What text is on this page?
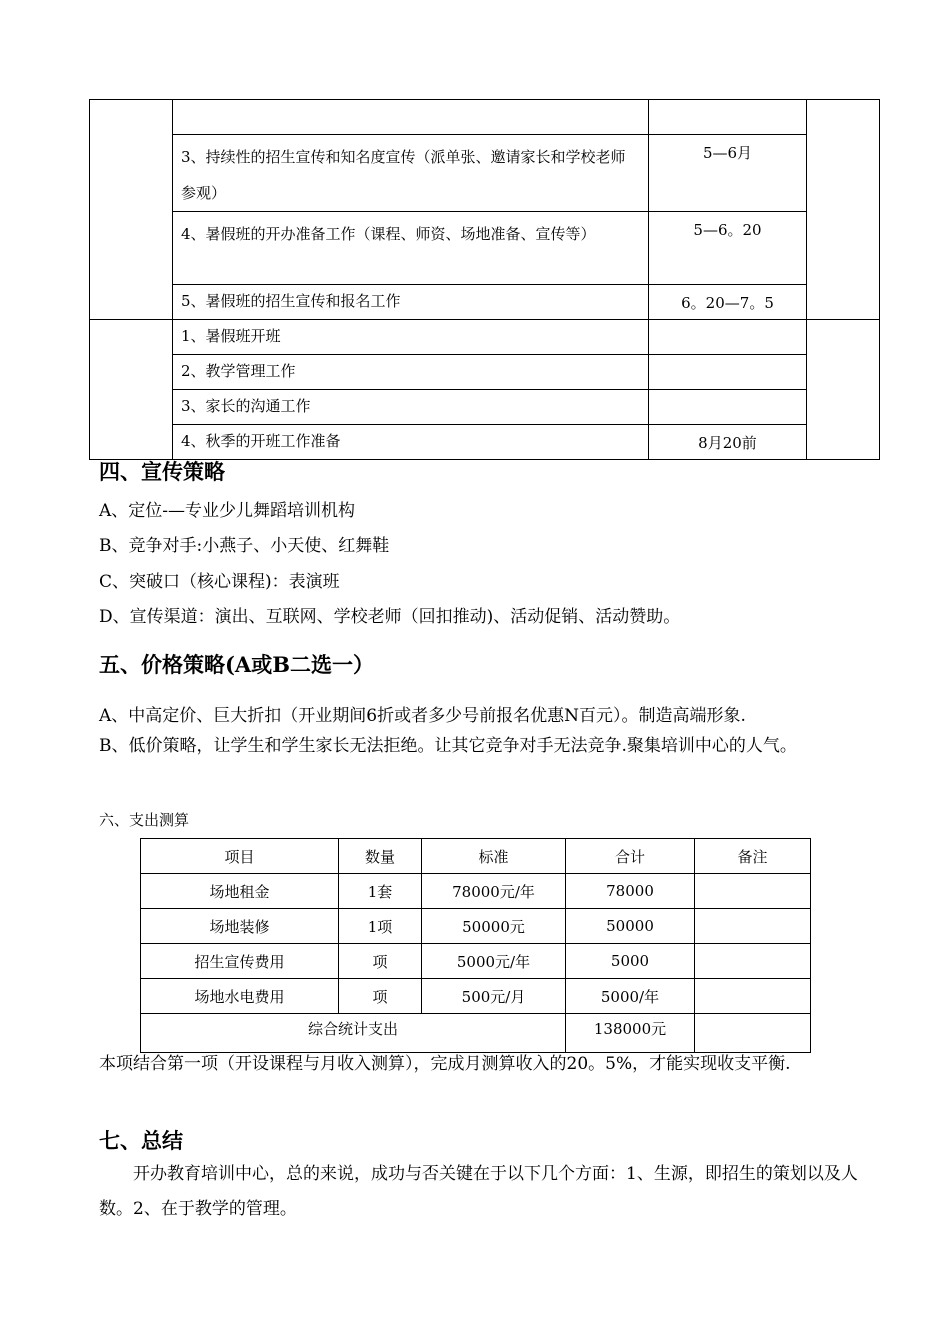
	3、持续性的招生宣传和知名度宣传（派单张、邀请家长和学校老师参观）	5—6月	
	4、暑假班的开办准备工作（课程、师资、场地准备、宣传等）	5—6。20	
	5、暑假班的招生宣传和报名工作	6。20—7。5	
	1、暑假班开班		
	2、教学管理工作		
	3、家长的沟通工作		
	4、秋季的开班工作准备	8月20前	
四、宣传策略
A、定位-—专业少儿舞蹈培训机构
B、竞争对手:小燕子、小天使、红舞鞋
C、突破口（核心课程)：表演班
D、宣传渠道：演出、互联网、学校老师（回扣推动)、活动促销、活动赞助。
五、价格策略(A或B二选一）
A、中高定价、巨大折扣（开业期间6折或者多少号前报名优惠N百元）。制造高端形象.
B、低价策略，让学生和学生家长无法拒绝。让其它竞争对手无法竞争.聚集培训中心的人气。
六、支出测算
项目	数量	标准	合计	备注
场地租金	1套	78000元/年	78000	
场地装修	1项	50000元	50000	
招生宣传费用	项	5000元/年	5000	
场地水电费用	项	500元/月	5000/年	
综合统计支出			138000元	
本项结合第一项（开设课程与月收入测算），完成月测算收入的20。5%，才能实现收支平衡.
七、总结
开办教育培训中心，总的来说，成功与否关键在于以下几个方面：1、生源，即招生的策划以及人数。2、在于教学的管理。
